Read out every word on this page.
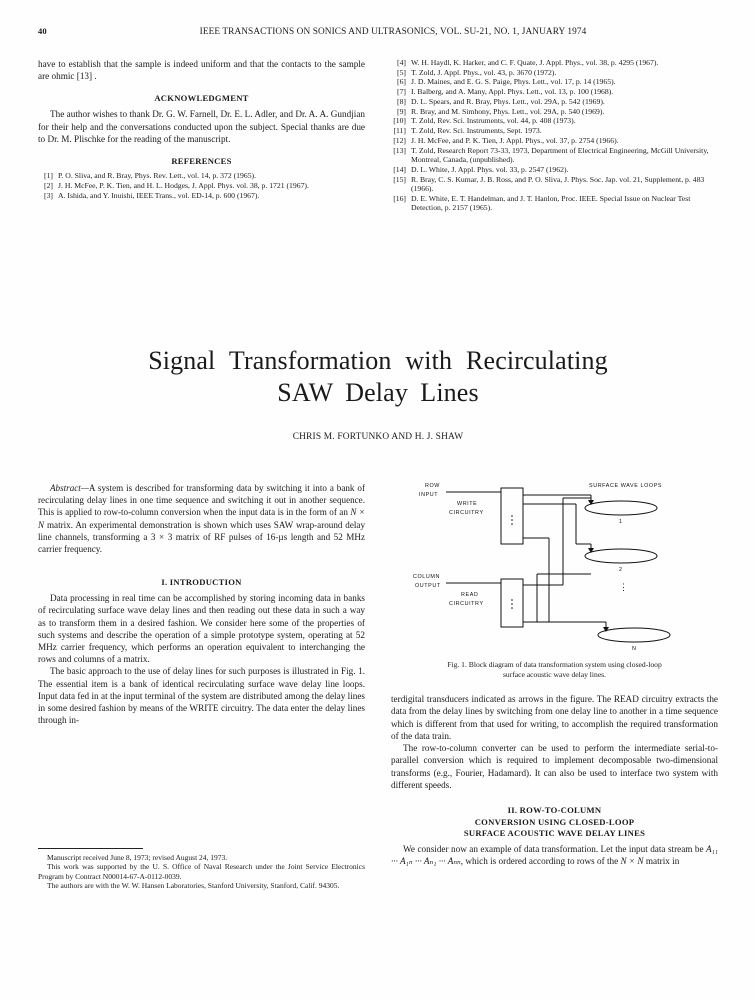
40	IEEE TRANSACTIONS ON SONICS AND ULTRASONICS, VOL. SU-21, NO. 1, JANUARY 1974

have to establish that the sample is indeed uniform and that the contacts to the sample are ohmic [13] .

ACKNOWLEDGMENT

The author wishes to thank Dr. G. W. Farnell, Dr. E. L. Adler, and Dr. A. A. Gundjian for their help and the conversations conducted upon the subject. Special thanks are due to Dr. M. Plischke for the reading of the manuscript.

REFERENCES
[1] P. O. Sliva, and R. Bray, Phys. Rev. Lett., vol. 14, p. 372 (1965).
[2] J. H. McFee, P. K. Tien, and H. L. Hodges, J. Appl. Phys. vol. 38, p. 1721 (1967).
[3] A. Ishida, and Y. Inuishi, IEEE Trans., vol. ED-14, p. 600 (1967).
[4] W. H. Haydl, K. Harker, and C. F. Quate, J. Appl. Phys., vol. 38, p. 4295 (1967).
[5] T. Zold, J. Appl. Phys., vol. 43, p. 3670 (1972).
[6] J. D. Maines, and E. G. S. Paige, Phys. Lett., vol. 17, p. 14 (1965).
[7] I. Balberg, and A. Many, Appl. Phys. Lett., vol. 13, p. 100 (1968).
[8] D. L. Spears, and R. Bray, Phys. Lett., vol. 29A, p. 542 (1969).
[9] R. Bray, and M. Simhony, Phys. Lett., vol. 29A, p. 540 (1969).
[10] T. Zold, Rev. Sci. Instruments, vol. 44, p. 408 (1973).
[11] T. Zold, Rev. Sci. Instruments, Sept. 1973.
[12] J. H. McFee, and P. K. Tien, J. Appl. Phys., vol. 37, p. 2754 (1966).
[13] T. Zold, Research Report 73-33, 1973, Department of Electrical Engineering, McGill University, Montreal, Canada, (unpublished).
[14] D. L. White, J. Appl. Phys. vol. 33, p. 2547 (1962).
[15] R. Bray, C. S. Kumar, J. B. Ross, and P. O. Sliva, J. Phys. Soc. Jap. vol. 21, Supplement, p. 483 (1966).
[16] D. E. White, E. T. Handelman, and J. T. Hanlon, Proc. IEEE. Special Issue on Nuclear Test Detection, p. 2157 (1965).
Signal Transformation with Recirculating
SAW Delay Lines
CHRIS M. FORTUNKO AND H. J. SHAW

Abstract—A system is described for transforming data by switching it into a bank of recirculating delay lines in one time sequence and switching it out in another sequence. This is applied to row-to-column conversion when the input data is in the form of an N × N matrix. An experimental demonstration is shown which uses SAW wrap-around delay line channels, transforming a 3 × 3 matrix of RF pulses of 16-µs length and 52 MHz carrier frequency.

I. INTRODUCTION

Data processing in real time can be accomplished by storing incoming data in banks of recirculating surface wave delay lines and then reading out these data in such a way as to transform them in a desired fashion. We consider here some of the properties of such systems and describe the operation of a simple prototype system, operating at 52 MHz carrier frequency, which performs an operation equivalent to interchanging the rows and columns of a matrix.

The basic approach to the use of delay lines for such purposes is illustrated in Fig. 1. The essential item is a bank of identical recirculating surface wave delay line loops. Input data fed in at the input terminal of the system are distributed among the delay lines in some desired fashion by means of the WRITE circuitry. The data enter the delay lines through in-

ROW
INPUT
WRITE
CIRCUITRY
COLUMN
OUTPUT
READ
CIRCUITRY
SURFACE WAVE LOOPS
1
2
N
⋮
Fig. 1. Block diagram of data transformation system using closed-loop
surface acoustic wave delay lines.

terdigital transducers indicated as arrows in the figure. The READ circuitry extracts the data from the delay lines by switching from one delay line to another in a time sequence which is different from that used for writing, to accomplish the required transformation of the data train.

The row-to-column converter can be used to perform the intermediate serial-to-parallel conversion which is required to implement decomposable two-dimensional transforms (e.g., Fourier, Hadamard). It can also be used to interface two system with different speeds.

II. ROW-TO-COLUMN
CONVERSION USING CLOSED-LOOP
SURFACE ACOUSTIC WAVE DELAY LINES

We consider now an example of data transformation. Let the input data stream be A₁₁ ··· A₁ₙ ··· Aₙ₁ ··· Aₙₙ, which is ordered according to rows of the N × N matrix in

Manuscript received June 8, 1973; revised August 24, 1973.

This work was supported by the U. S. Office of Naval Research under the Joint Service Electronics Program by Contract N00014-67-A-0112-0039.

The authors are with the W. W. Hansen Laboratories, Stanford University, Stanford, Calif. 94305.
